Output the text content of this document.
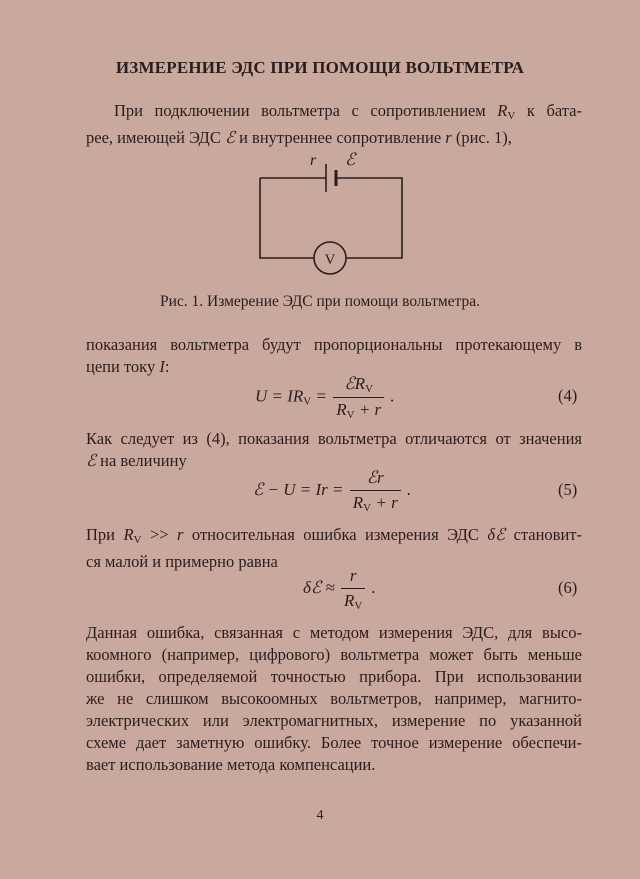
ИЗМЕРЕНИЕ ЭДС ПРИ ПОМОЩИ ВОЛЬТМЕТРА
При подключении вольтметра с сопротивлением $R_V$ к бата-
рее, имеющей ЭДС ℰ и внутреннее сопротивление r (рис. 1),
r ℰ
V
Рис. 1. Измерение ЭДС при помощи вольтметра.
показания вольтметра будут пропорциональны протекающему в
цепи току I:
$U = IR_V = \frac{ℰR_V}{R_V + r}$ .	(4)
Как следует из (4), показания вольтметра отличаются от значения
ℰ на величину
ℰ − $U = Ir = \frac{\text{ℰr}}{R_V + r}$ .	(5)
При $R_V >> r$ относительная ошибка измерения ЭДС δℰ становит-
ся малой и примерно равна
δℰ ≈ $\frac{r}{R_V}$ .	(6)
Данная ошибка, связанная с методом измерения ЭДС, для высо-
коомного (например, цифрового) вольтметра может быть меньше
ошибки, определяемой точностью прибора. При использовании
же не слишком высокоомных вольтметров, например, магнито-
электрических или электромагнитных, измерение по указанной
схеме дает заметную ошибку. Более точное измерение обеспечи-
вает использование метода компенсации.
4
